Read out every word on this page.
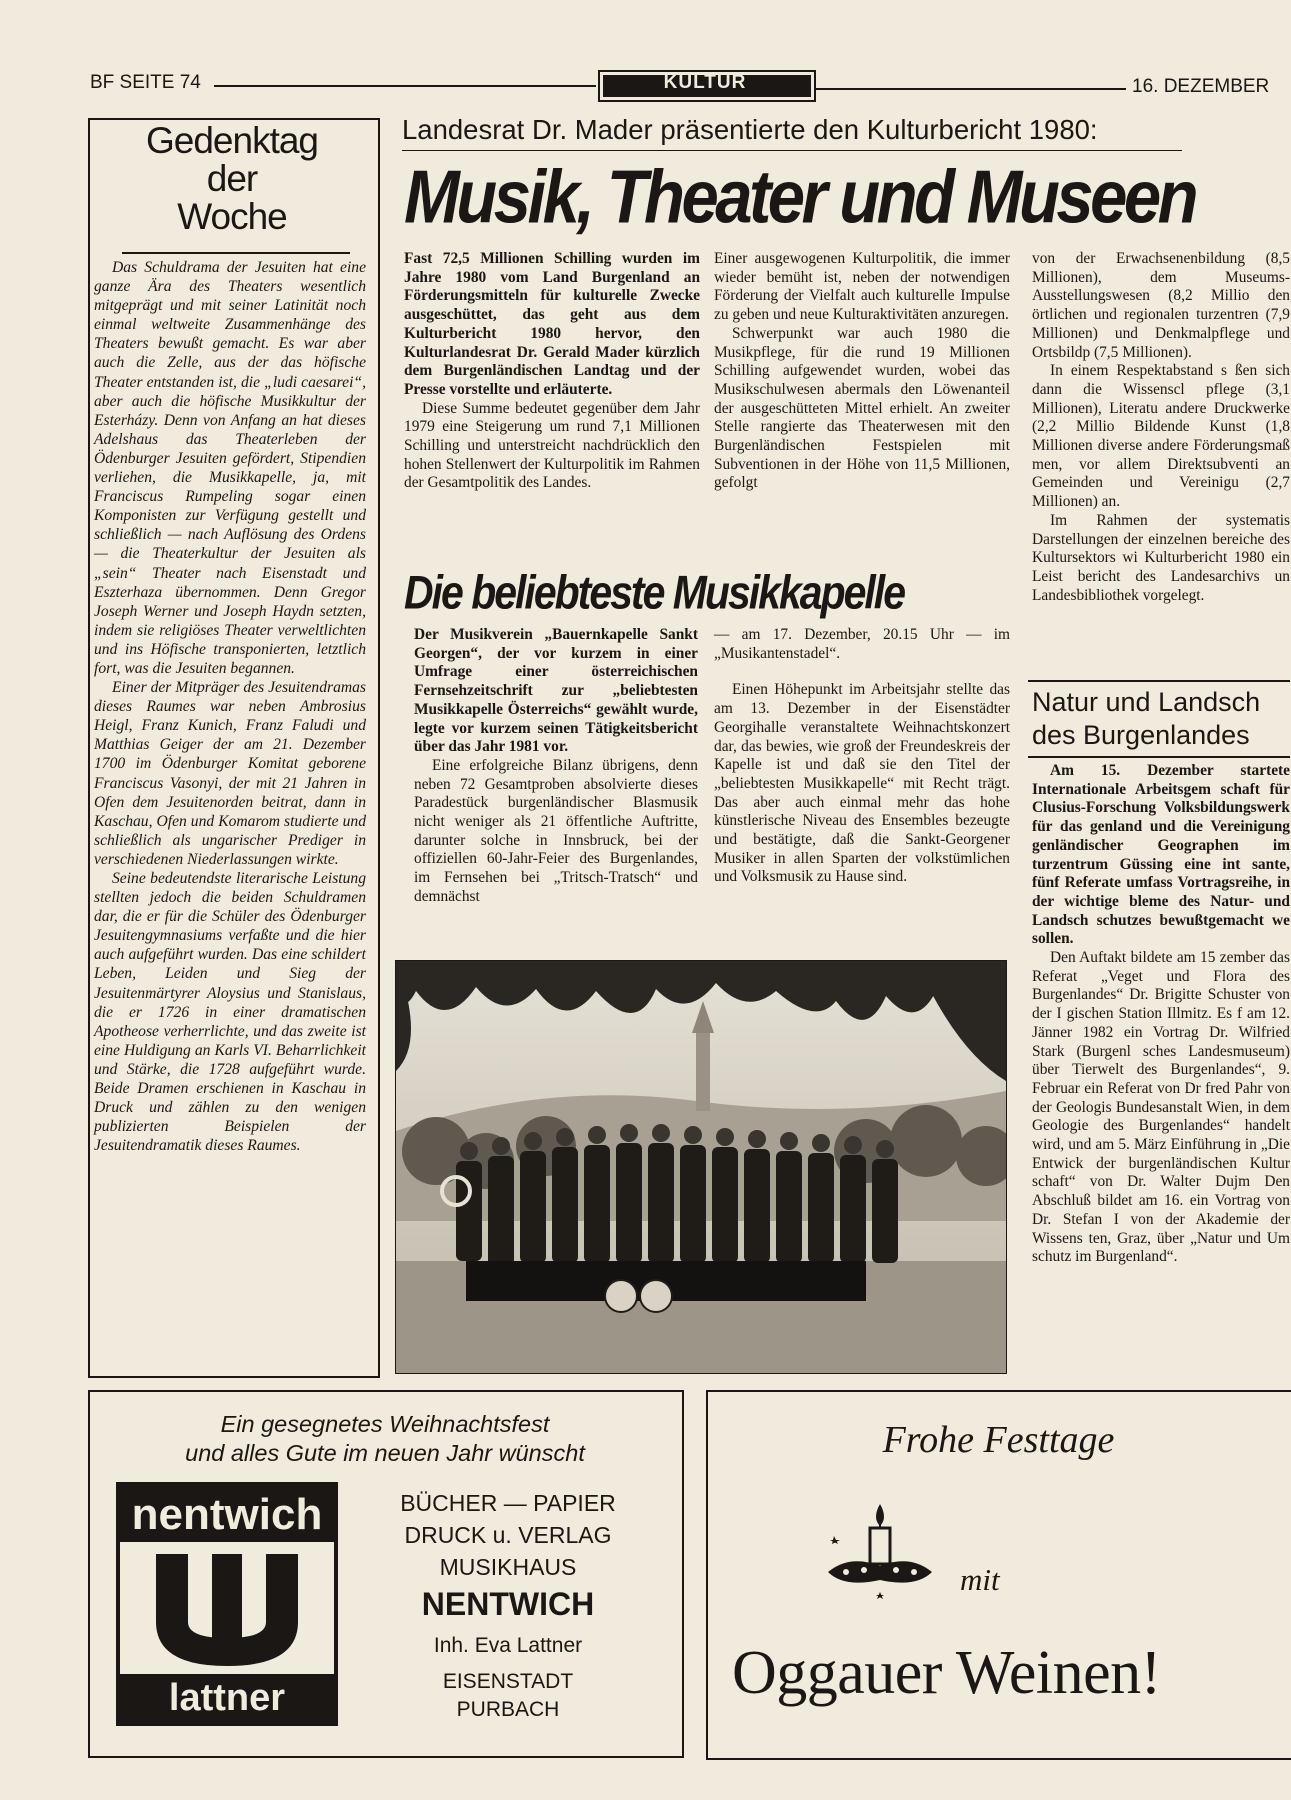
BF SEITE 74	KULTUR	16. DEZEMBER
Gedenktag
der
Woche

Das Schuldrama der Jesuiten hat eine ganze Ära des Theaters wesentlich mitgeprägt und mit seiner Latinität noch einmal weltweite Zusammenhänge des Theaters bewußt gemacht. Es war aber auch die Zelle, aus der das höfische Theater entstanden ist, die „ludi caesarei“, aber auch die höfische Musikkultur der Esterházy. Denn von Anfang an hat dieses Adelshaus das Theaterleben der Ödenburger Jesuiten gefördert, Stipendien verliehen, die Musikkapelle, ja, mit Franciscus Rumpeling sogar einen Komponisten zur Verfügung gestellt und schließlich — nach Auflösung des Ordens — die Theaterkultur der Jesuiten als „sein“ Theater nach Eisenstadt und Eszterhaza übernommen. Denn Gregor Joseph Werner und Joseph Haydn setzten, indem sie religiöses Theater verweltlichten und ins Höfische transponierten, letztlich fort, was die Jesuiten begannen.

Einer der Mitpräger des Jesuitendramas dieses Raumes war neben Ambrosius Heigl, Franz Kunich, Franz Faludi und Matthias Geiger der am 21. Dezember 1700 im Ödenburger Komitat geborene Franciscus Vasonyi, der mit 21 Jahren in Ofen dem Jesuitenorden beitrat, dann in Kaschau, Ofen und Komarom studierte und schließlich als ungarischer Prediger in verschiedenen Niederlassungen wirkte.

Seine bedeutendste literarische Leistung stellten jedoch die beiden Schuldramen dar, die er für die Schüler des Ödenburger Jesuitengymnasiums verfaßte und die hier auch aufgeführt wurden. Das eine schildert Leben, Leiden und Sieg der Jesuitenmärtyrer Aloysius und Stanislaus, die er 1726 in einer dramatischen Apotheose verherrlichte, und das zweite ist eine Huldigung an Karls VI. Beharrlichkeit und Stärke, die 1728 aufgeführt wurde. Beide Dramen erschienen in Kaschau in Druck und zählen zu den wenigen publizierten Beispielen der Jesuitendramatik dieses Raumes.

Landesrat Dr. Mader präsentierte den Kulturbericht 1980:
Musik, Theater und Museen

Fast 72,5 Millionen Schilling wurden im Jahre 1980 vom Land Burgenland an Förderungsmitteln für kulturelle Zwecke ausgeschüttet, das geht aus dem Kulturbericht 1980 hervor, den Kulturlandesrat Dr. Gerald Mader kürzlich dem Burgenländischen Landtag und der Presse vorstellte und erläuterte.

Diese Summe bedeutet gegenüber dem Jahr 1979 eine Steigerung um rund 7,1 Millionen Schilling und unterstreicht nachdrücklich den hohen Stellenwert der Kulturpolitik im Rahmen der Gesamtpolitik des Landes.

Einer ausgewogenen Kulturpolitik, die immer wieder bemüht ist, neben der notwendigen Förderung der Vielfalt auch kulturelle Impulse zu geben und neue Kulturaktivitäten anzuregen.

Schwerpunkt war auch 1980 die Musikpflege, für die rund 19 Millionen Schilling aufgewendet wurden, wobei das Musikschulwesen abermals den Löwenanteil der ausgeschütteten Mittel erhielt. An zweiter Stelle rangierte das Theaterwesen mit den Burgenländischen Festspielen mit Subventionen in der Höhe von 11,5 Millionen, gefolgt

von der Erwachsenenbildung (8,5 Millionen), dem Museums- Ausstellungswesen (8,2 Millio den örtlichen und regionalen turzentren (7,9 Millionen) und Denkmalpflege und Ortsbildp (7,5 Millionen).

In einem Respektabstand s ßen sich dann die Wissenscl pflege (3,1 Millionen), Literatu andere Druckwerke (2,2 Millio Bildende Kunst (1,8 Millionen diverse andere Förderungsmaß men, vor allem Direktsubventi an Gemeinden und Vereinigu (2,7 Millionen) an.

Im Rahmen der systematis Darstellungen der einzelnen bereiche des Kultursektors wi Kulturbericht 1980 ein Leist bericht des Landesarchivs un Landesbibliothek vorgelegt.

Die beliebteste Musikkapelle

Der Musikverein „Bauernkapelle Sankt Georgen“, der vor kurzem in einer Umfrage einer österreichischen Fernsehzeitschrift zur „beliebtesten Musikkapelle Österreichs“ gewählt wurde, legte vor kurzem seinen Tätigkeitsbericht über das Jahr 1981 vor.

Eine erfolgreiche Bilanz übrigens, denn neben 72 Gesamtproben absolvierte dieses Paradestück burgenländischer Blasmusik nicht weniger als 21 öffentliche Auftritte, darunter solche in Innsbruck, bei der offiziellen 60-Jahr-Feier des Burgenlandes, im Fernsehen bei „Tritsch-Tratsch“ und demnächst

— am 17. Dezember, 20.15 Uhr — im „Musikantenstadel“.

Einen Höhepunkt im Arbeitsjahr stellte das am 13. Dezember in der Eisenstädter Georgihalle veranstaltete Weihnachtskonzert dar, das bewies, wie groß der Freundeskreis der Kapelle ist und daß sie den Titel der „beliebtesten Musikkapelle“ mit Recht trägt. Das aber auch einmal mehr das hohe künstlerische Niveau des Ensembles bezeugte und bestätigte, daß die Sankt-Georgener Musiker in allen Sparten der volkstümlichen und Volksmusik zu Hause sind.

Natur und Landsch
des Burgenlandes

Am 15. Dezember startete Internationale Arbeitsgem schaft für Clusius-Forschung Volksbildungswerk für das genland und die Vereinigung genländischer Geographen im turzentrum Güssing eine int sante, fünf Referate umfass Vortragsreihe, in der wichtige bleme des Natur- und Landsch schutzes bewußtgemacht we sollen.

Den Auftakt bildete am 15 zember das Referat „Veget und Flora des Burgenlandes“ Dr. Brigitte Schuster von der I gischen Station Illmitz. Es f am 12. Jänner 1982 ein Vortrag Dr. Wilfried Stark (Burgenl sches Landesmuseum) über Tierwelt des Burgenlandes“, 9. Februar ein Referat von Dr fred Pahr von der Geologis Bundesanstalt Wien, in dem Geologie des Burgenlandes“ handelt wird, und am 5. März Einführung in „Die Entwick der burgenländischen Kultur schaft“ von Dr. Walter Dujm Den Abschluß bildet am 16. ein Vortrag von Dr. Stefan I von der Akademie der Wissens ten, Graz, über „Natur und Um schutz im Burgenland“.

Ein gesegnetes Weihnachtsfest
und alles Gute im neuen Jahr wünscht
nentwich
lattner
BÜCHER — PAPIER
DRUCK u. VERLAG
MUSIKHAUS
NENTWICH
Inh. Eva Lattner
EISENSTADT
PURBACH
Frohe Festtage
mit
Oggauer Weinen!
